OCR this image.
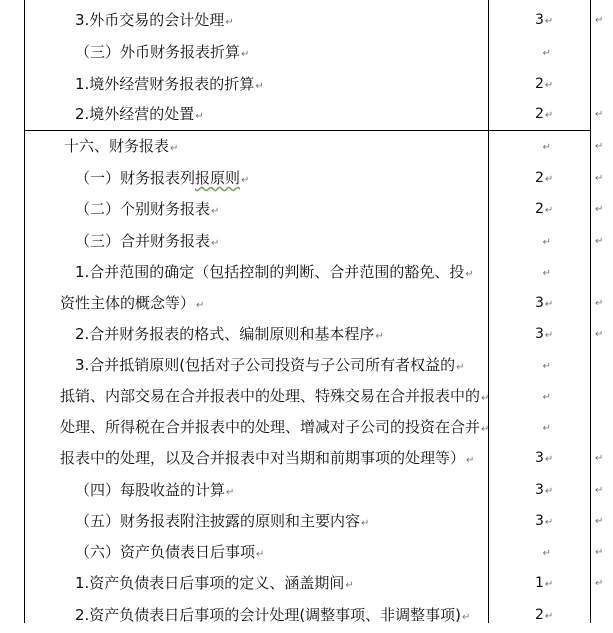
3.外币交易的会计处理↵	3↵	↵
（三）外币财务报表折算↵	↵
1.境外经营财务报表的折算↵	2↵
2.境外经营的处置↵	2↵	↵
十六、财务报表↵	↵	↵
（一）财务报表列报原则↵	2↵	↵
（二）个别财务报表↵	2↵	↵
（三）合并财务报表↵	↵	↵
1.合并范围的确定（包括控制的判断、合并范围的豁免、投↵	↵
资性主体的概念等）↵	3↵	↵
2.合并财务报表的格式、编制原则和基本程序↵	3↵	↵
3.合并抵销原则(包括对子公司投资与子公司所有者权益的↵	↵
抵销、内部交易在合并报表中的处理、特殊交易在合并报表中的↵	↵
处理、所得税在合并报表中的处理、增减对子公司的投资在合并↵	↵
报表中的处理，以及合并报表中对当期和前期事项的处理等）↵	3↵	↵
（四）每股收益的计算↵	3↵	↵
（五）财务报表附注披露的原则和主要内容↵	3↵	↵
（六）资产负债表日后事项↵	↵	↵
1.资产负债表日后事项的定义、涵盖期间↵	1↵	↵
2.资产负债表日后事项的会计处理(调整事项、非调整事项)↵	2↵
